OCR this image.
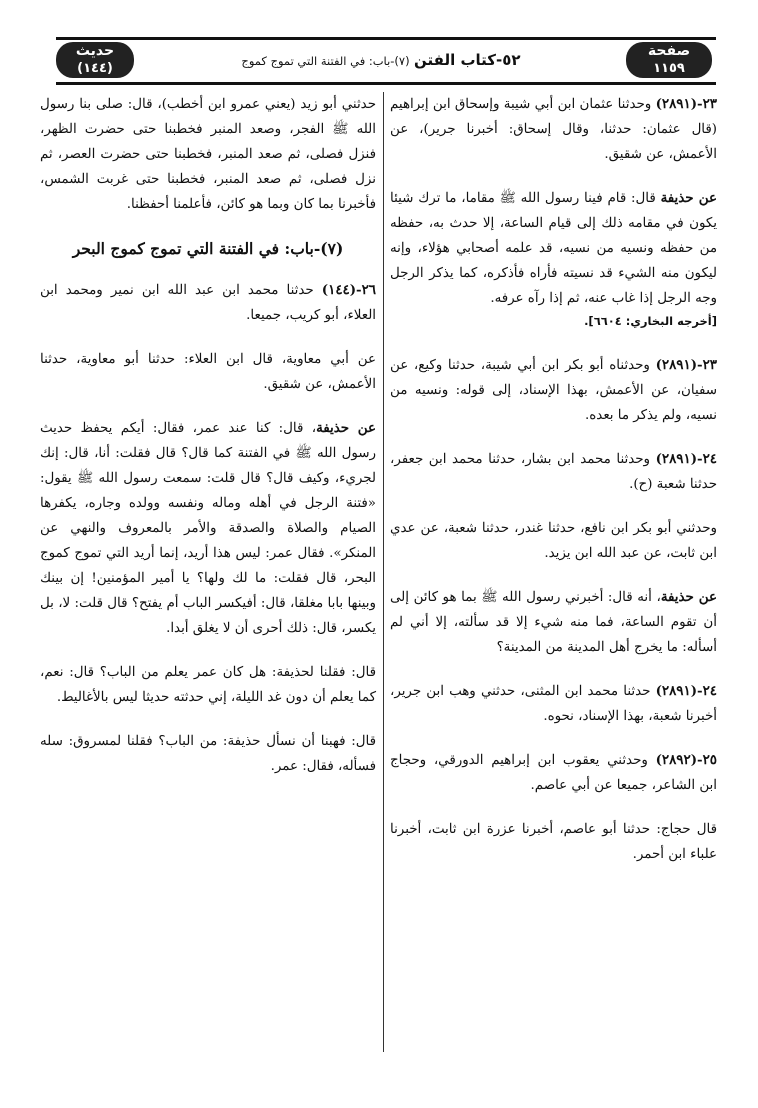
صفحة
١١٥٩
٥٢-كتاب الفتن (٧)-باب: في الفتنة التي تموج كموج
حديث
(١٤٤)

٢٣-(٢٨٩١) وحدثنا عثمان ابن أبي شيبة وإسحاق ابن إبراهيم (قال عثمان: حدثنا، وقال إسحاق: أخبرنا جرير)، عن الأعمش، عن شقيق.

عن حذيفة قال: قام فينا رسول الله ﷺ مقاما، ما ترك شيئا يكون في مقامه ذلك إلى قيام الساعة، إلا حدث به، حفظه من حفظه ونسيه من نسيه، قد علمه أصحابي هؤلاء، وإنه ليكون منه الشيء قد نسيته فأراه فأذكره، كما يذكر الرجل وجه الرجل إذا غاب عنه، ثم إذا رآه عرفه.
[أخرجه البخاري: ٦٦٠٤].

٢٣-(٢٨٩١) وحدثناه أبو بكر ابن أبي شيبة، حدثنا وكيع، عن سفيان، عن الأعمش، بهذا الإسناد، إلى قوله: ونسيه من نسيه، ولم يذكر ما بعده.

٢٤-(٢٨٩١) وحدثنا محمد ابن بشار، حدثنا محمد ابن جعفر، حدثنا شعبة (ح).

وحدثني أبو بكر ابن نافع، حدثنا غندر، حدثنا شعبة، عن عدي ابن ثابت، عن عبد الله ابن يزيد.

عن حذيفة، أنه قال: أخبرني رسول الله ﷺ بما هو كائن إلى أن تقوم الساعة، فما منه شيء إلا قد سألته، إلا أني لم أسأله: ما يخرج أهل المدينة من المدينة؟

٢٤-(٢٨٩١) حدثنا محمد ابن المثنى، حدثني وهب ابن جرير، أخبرنا شعبة، بهذا الإسناد، نحوه.

٢٥-(٢٨٩٢) وحدثني يعقوب ابن إبراهيم الدورقي، وحجاج ابن الشاعر، جميعا عن أبي عاصم.

قال حجاج: حدثنا أبو عاصم، أخبرنا عزرة ابن ثابت، أخبرنا علباء ابن أحمر.

حدثني أبو زيد (يعني عمرو ابن أخطب)، قال: صلى بنا رسول الله ﷺ الفجر، وصعد المنبر فخطبنا حتى حضرت الظهر، فنزل فصلى، ثم صعد المنبر، فخطبنا حتى حضرت العصر، ثم نزل فصلى، ثم صعد المنبر، فخطبنا حتى غربت الشمس، فأخبرنا بما كان وبما هو كائن، فأعلمنا أحفظنا.

(٧)-باب: في الفتنة التي تموج كموج البحر

٢٦-(١٤٤) حدثنا محمد ابن عبد الله ابن نمير ومحمد ابن العلاء، أبو كريب، جميعا.

عن أبي معاوية، قال ابن العلاء: حدثنا أبو معاوية، حدثنا الأعمش، عن شقيق.

عن حذيفة، قال: كنا عند عمر، فقال: أيكم يحفظ حديث رسول الله ﷺ في الفتنة كما قال؟ قال فقلت: أنا، قال: إنك لجريء، وكيف قال؟ قال قلت: سمعت رسول الله ﷺ يقول: «فتنة الرجل في أهله وماله ونفسه وولده وجاره، يكفرها الصيام والصلاة والصدقة والأمر بالمعروف والنهي عن المنكر». فقال عمر: ليس هذا أريد، إنما أريد التي تموج كموج البحر، قال فقلت: ما لك ولها؟ يا أمير المؤمنين! إن بينك وبينها بابا مغلقا، قال: أفيكسر الباب أم يفتح؟ قال قلت: لا، بل يكسر، قال: ذلك أحرى أن لا يغلق أبدا.

قال: فقلنا لحذيفة: هل كان عمر يعلم من الباب؟ قال: نعم، كما يعلم أن دون غد الليلة، إني حدثته حديثا ليس بالأغاليط.

قال: فهبنا أن نسأل حذيفة: من الباب؟ فقلنا لمسروق: سله فسأله، فقال: عمر.
